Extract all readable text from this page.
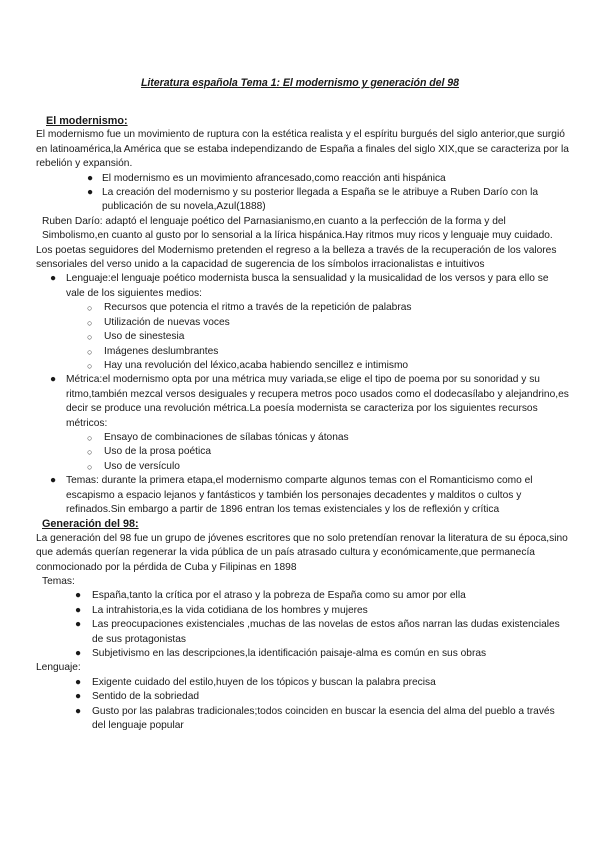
Literatura española Tema 1: El modernismo y generación del 98
El modernismo:

El modernismo fue un movimiento de ruptura con la estética realista y el espíritu burgués del siglo anterior,que surgió en latinoamérica,la América que se estaba independizando de España a finales del siglo XIX,que se caracteriza por la rebelión y expansión.

● El modernismo es un movimiento afrancesado,como reacción anti hispánica
● La creación del modernismo y su posterior llegada a España se le atribuye a Ruben Darío con la publicación de su novela,Azul(1888)

Ruben Darío: adaptó el lenguaje poético del Parnasianismo,en cuanto a la perfección de la forma y del Simbolismo,en cuanto al gusto por lo sensorial a la lírica hispánica.Hay ritmos muy ricos y lenguaje muy cuidado.

Los poetas seguidores del Modernismo pretenden el regreso a la belleza a través de la recuperación de los valores sensoriales del verso unido a la capacidad de sugerencia de los símbolos irracionalistas e intuitivos

● Lenguaje:el lenguaje poético modernista busca la sensualidad y la musicalidad de los versos y para ello se vale de los siguientes medios:
○ Recursos que potencia el ritmo a través de la repetición de palabras
○ Utilización de nuevas voces
○ Uso de sinestesia
○ Imágenes deslumbrantes
○ Hay una revolución del léxico,acaba habiendo sencillez e intimismo
● Métrica:el modernismo opta por una métrica muy variada,se elige el tipo de poema por su sonoridad y su ritmo,también mezcal versos desiguales y recupera metros poco usados como el dodecasílabo y alejandrino,es decir se produce una revolución métrica.La poesía modernista se caracteriza por los siguientes recursos métricos:
○ Ensayo de combinaciones de sílabas tónicas y átonas
○ Uso de la prosa poética
○ Uso de versículo
● Temas: durante la primera etapa,el modernismo comparte algunos temas con el Romanticismo como el escapismo a espacio lejanos y fantásticos y también los personajes decadentes y malditos o cultos y refinados.Sin embargo a partir de 1896 entran los temas existenciales y los de reflexión y crítica
Generación del 98:

La generación del 98 fue un grupo de jóvenes escritores que no solo pretendían renovar la literatura de su época,sino que además querían regenerar la vida pública de un país atrasado cultura y económicamente,que permanecía conmocionado por la pérdida de Cuba y Filipinas en 1898

Temas:

● España,tanto la crítica por el atraso y la pobreza de España como su amor por ella
● La intrahistoria,es la vida cotidiana de los hombres y mujeres
● Las preocupaciones existenciales ,muchas de las novelas de estos años narran las dudas existenciales de sus protagonistas
● Subjetivismo en las descripciones,la identificación paisaje-alma es común en sus obras

Lenguaje:

● Exigente cuidado del estilo,huyen de los tópicos y buscan la palabra precisa
● Sentido de la sobriedad
● Gusto por las palabras tradicionales;todos coinciden en buscar la esencia del alma del pueblo a través del lenguaje popular
